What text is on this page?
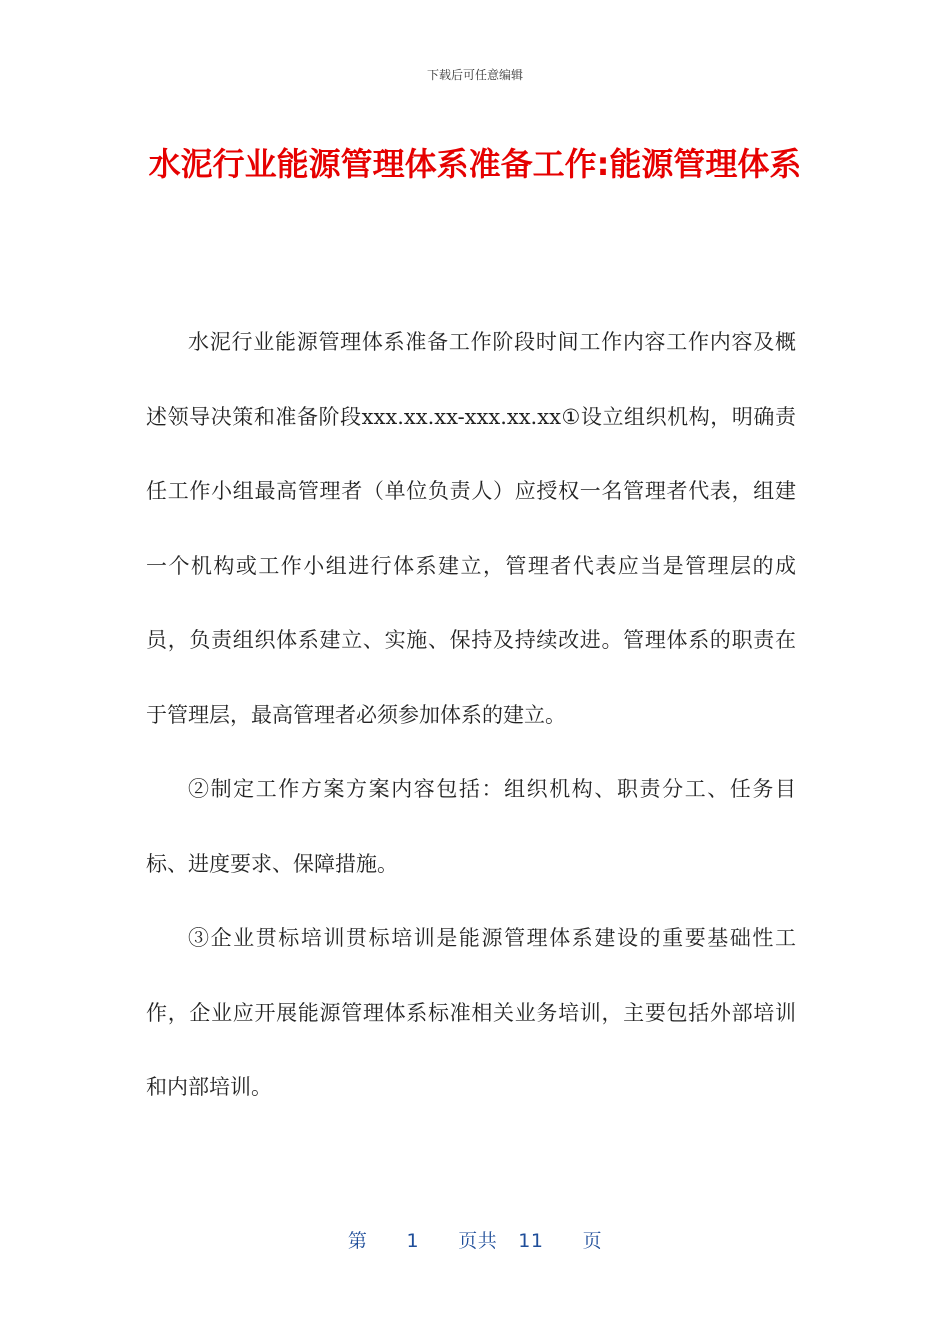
下载后可任意编辑
水泥行业能源管理体系准备工作:能源管理体系

水泥行业能源管理体系准备工作阶段时间工作内容工作内容及概述领导决策和准备阶段xxx.xx.xx-xxx.xx.xx①设立组织机构，明确责任工作小组最高管理者（单位负责人）应授权一名管理者代表，组建一个机构或工作小组进行体系建立，管理者代表应当是管理层的成员，负责组织体系建立、实施、保持及持续改进。管理体系的职责在于管理层，最高管理者必须参加体系的建立。

②制定工作方案方案内容包括：组织机构、职责分工、任务目标、进度要求、保障措施。

③企业贯标培训贯标培训是能源管理体系建设的重要基础性工作，企业应开展能源管理体系标准相关业务培训，主要包括外部培训和内部培训。

第 1 页共 11 页
